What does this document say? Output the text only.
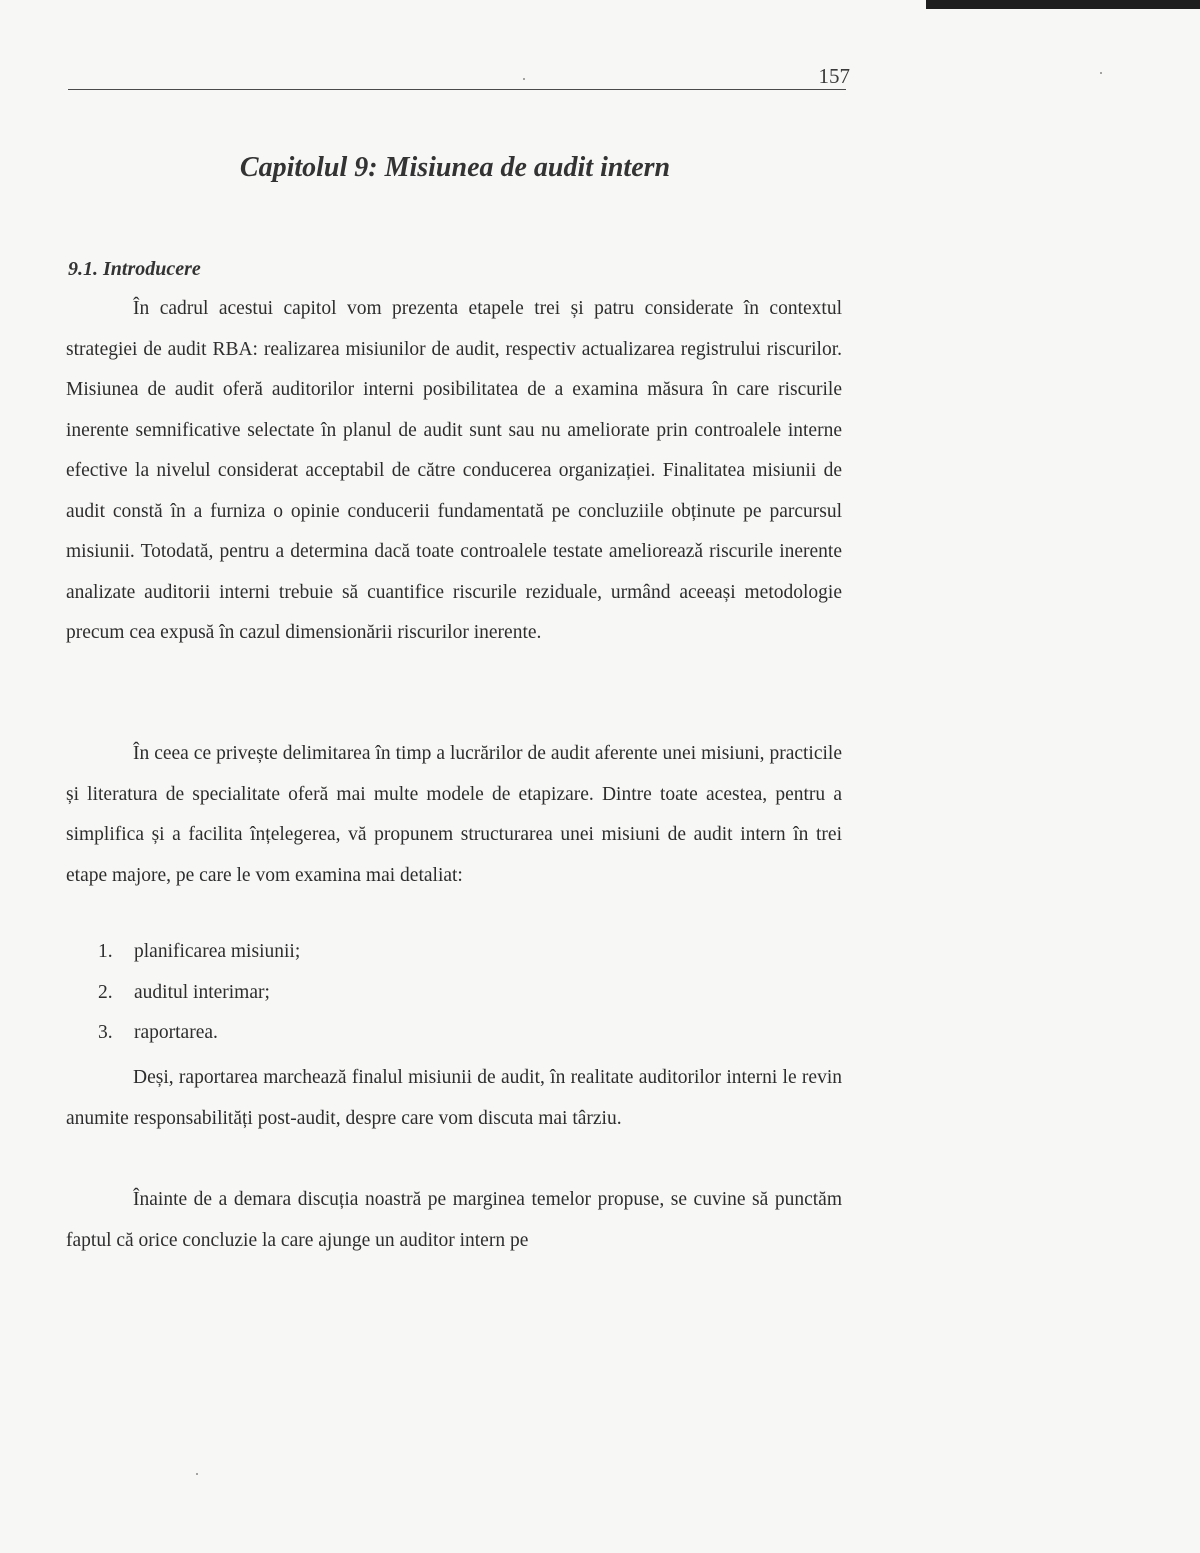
157
Capitolul 9: Misiunea de audit intern
9.1. Introducere

În cadrul acestui capitol vom prezenta etapele trei și patru considerate în contextul strategiei de audit RBA: realizarea misiunilor de audit, respectiv actualizarea registrului riscurilor. Misiunea de audit oferă auditorilor interni posibilitatea de a examina măsura în care riscurile inerente semnificative selectate în planul de audit sunt sau nu ameliorate prin controalele interne efective la nivelul considerat acceptabil de către conducerea organizației. Finalitatea misiunii de audit constă în a furniza o opinie conducerii fundamentată pe concluziile obținute pe parcursul misiunii. Totodată, pentru a determina dacă toate controalele testate amelioreazǎ riscurile inerente analizate auditorii interni trebuie să cuantifice riscurile reziduale, urmând aceeași metodologie precum cea expusă în cazul dimensionării riscurilor inerente.

În ceea ce privește delimitarea în timp a lucrărilor de audit aferente unei misiuni, practicile și literatura de specialitate oferă mai multe modele de etapizare. Dintre toate acestea, pentru a simplifica și a facilita înțelegerea, vă propunem structurarea unei misiuni de audit intern în trei etape majore, pe care le vom examina mai detaliat:

1.	planificarea misiunii;
2.	auditul interimar;
3.	raportarea.

Deși, raportarea marchează finalul misiunii de audit, în realitate auditorilor interni le revin anumite responsabilități post-audit, despre care vom discuta mai târziu.

Înainte de a demara discuția noastră pe marginea temelor propuse, se cuvine să punctăm faptul că orice concluzie la care ajunge un auditor intern pe
